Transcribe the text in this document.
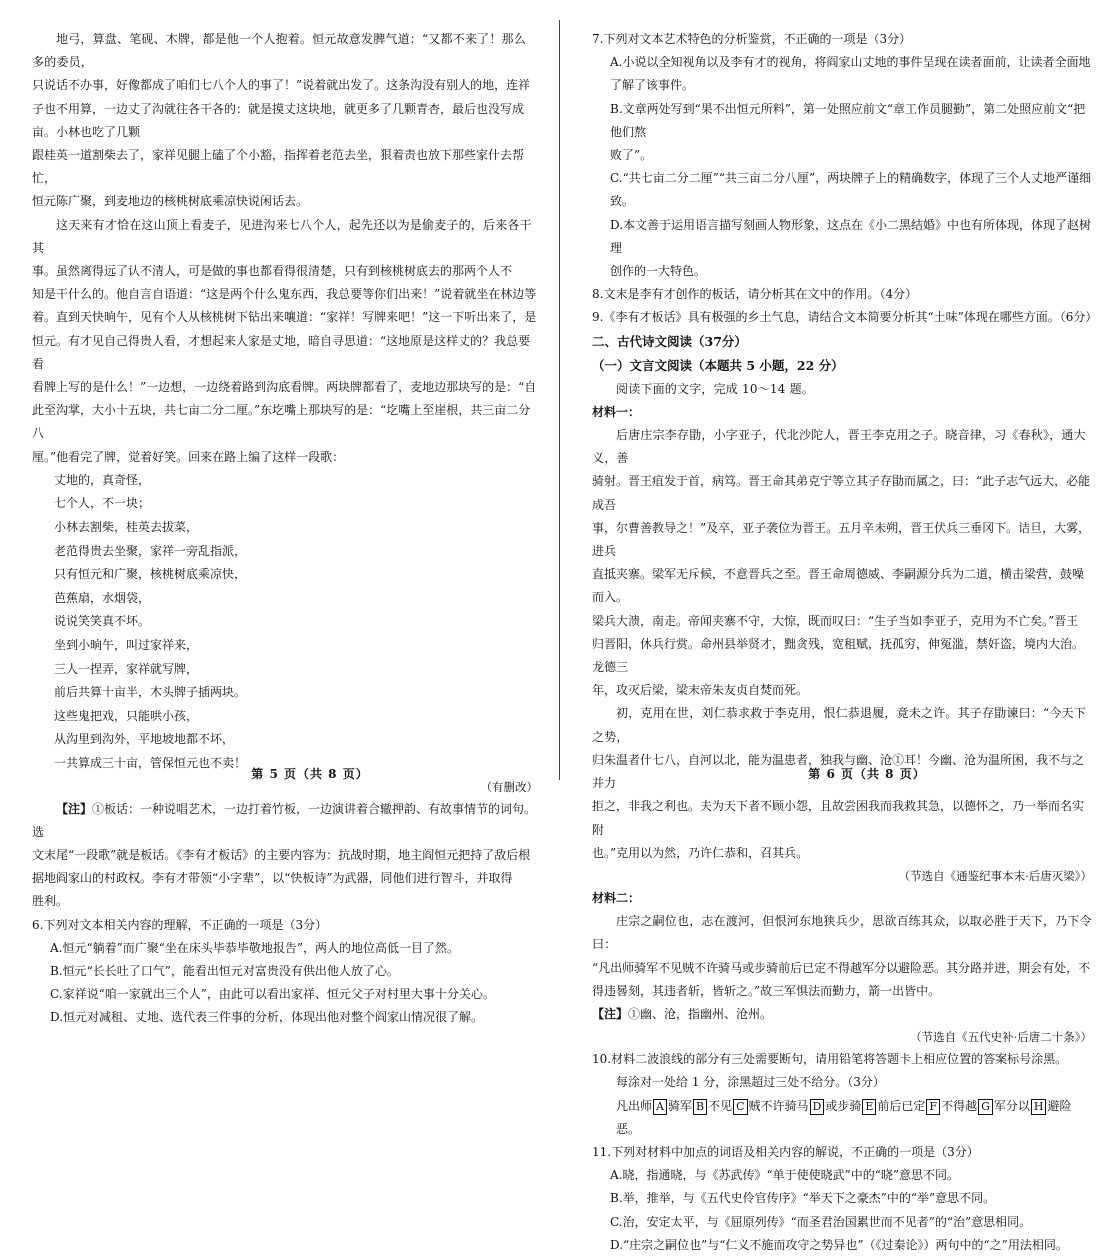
地弓，算盘、笔砚、木牌，都是他一个人抱着。恒元故意发脾气道：“又都不来了！那么多的委员，

只说话不办事，好像都成了咱们七八个人的事了！”说着就出发了。这条沟没有别人的地，连祥

子也不用算，一边丈了沟就往各干各的：就是摸丈这块地，就更多了几颗青杏，最后也没写成亩。小林也吃了几颗

跟桂英一道割柴去了，家祥见腿上磕了个小豁，指挥着老范去坐，狠着责也放下那些家什去帮忙，

恒元陈广聚，到麦地边的核桃树底乘凉快说闲话去。

这天来有才恰在这山顶上看麦子，见进沟来七八个人，起先还以为是偷麦子的，后来各干其

事。虽然离得远了认不清人，可是做的事也都看得很清楚，只有到核桃树底去的那两个人不

知是干什么的。他自言自语道：“这是两个什么鬼东西，我总要等你们出来！”说着就坐在林边等

着。直到天快晌午，见有个人从核桃树下钻出来嚷道：“家祥！写牌来吧！”这一下听出来了，是

恒元。有才见自己得贵人看，才想起来人家是丈地，暗自寻思道：“这地原是这样丈的？我总要看

看牌上写的是什么！”一边想，一边绕着路到沟底看牌。两块牌都看了，麦地边那块写的是：“自

此至沟掌，大小十五块，共七亩二分二厘。”东圪嘴上那块写的是：“圪嘴上至崖根，共三亩二分八

厘。”他看完了牌，觉着好笑。回来在路上编了这样一段歌：

丈地的，真奇怪，

七个人，不一块；

小林去割柴，桂英去拔菜，

老范得贵去坐聚，家祥一旁乱指派，

只有恒元和广聚，核桃树底乘凉快，

芭蕉扇，水烟袋，

说说笑笑真不坏。

坐到小晌午，叫过家祥来，

三人一捏弄，家祥就写牌，

前后共算十亩半，木头牌子插两块。

这些鬼把戏，只能哄小孩，

从沟里到沟外，平地坡地都不坏，

一共算成三十亩，管保恒元也不卖！

（有删改）

【注】①板话：一种说唱艺术，一边打着竹板，一边演讲着合辙押韵、有故事情节的词句。选

文末尾“一段歌”就是板话。《李有才板话》的主要内容为：抗战时期，地主阎恒元把持了敌后根

据地阎家山的村政权。李有才带领“小字辈”，以“快板诗”为武器，同他们进行智斗，并取得

胜利。

6.下列对文本相关内容的理解，不正确的一项是（3分）

A.恒元“躺着”而广聚“坐在床头毕恭毕敬地报告”，两人的地位高低一目了然。

B.恒元“长长吐了口气”，能看出恒元对富贵没有供出他人放了心。

C.家祥说“咱一家就出三个人”，由此可以看出家祥、恒元父子对村里大事十分关心。

D.恒元对减租、丈地、选代表三件事的分析，体现出他对整个阎家山情况很了解。

第 5 页（共 8 页）

7.下列对文本艺术特色的分析鉴赏，不正确的一项是（3分）

A.小说以全知视角以及李有才的视角，将阎家山丈地的事件呈现在读者面前，让读者全面地

了解了该事件。

B.文章两处写到“果不出恒元所料”，第一处照应前文“章工作员腿勤”，第二处照应前文“把他们熬

败了”。

C.“共七亩二分二厘”“共三亩二分八厘”，两块牌子上的精确数字，体现了三个人丈地严谨细致。

D.本文善于运用语言描写刻画人物形象，这点在《小二黑结婚》中也有所体现，体现了赵树理

创作的一大特色。

8.文末是李有才创作的板话，请分析其在文中的作用。（4分）

9.《李有才板话》具有极强的乡土气息，请结合文本简要分析其“土味”体现在哪些方面。（6分）

二、古代诗文阅读（37分）

（一）文言文阅读（本题共 5 小题，22 分）

阅读下面的文字，完成 10～14 题。

材料一：

后唐庄宗李存勖，小字亚子，代北沙陀人，晋王李克用之子。晓音律，习《春秋》，通大义，善

骑射。晋王疽发于首，病笃。晋王命其弟克宁等立其子存勖而属之，曰：“此子志气远大，必能成吾

事，尔曹善教导之！”及卒，亚子袭位为晋王。五月辛未朔，晋王伏兵三垂冈下。诘旦，大雾，进兵

直抵夹寨。梁军无斥候，不意晋兵之至。晋王命周德威、李嗣源分兵为二道，横击梁营，鼓噪而入。

梁兵大溃，南走。帝闻夹寨不守，大惊，既而叹曰：“生子当如李亚子，克用为不亡矣。”晋王

归晋阳，休兵行赏。命州县举贤才，黜贪残，宽租赋，抚孤穷，伸冤滥，禁奸盗，境内大治。龙德三

年，攻灭后梁，梁末帝朱友贞自焚而死。

初，克用在世，刘仁恭求救于李克用，恨仁恭退履，竟未之许。其子存勖谏曰：“今天下之势，

归朱温者什七八，自河以北，能为温患者，独我与幽、沧①耳！今幽、沧为温所困，我不与之并力

拒之，非我之利也。夫为天下者不顾小怨，且故尝困我而我救其急，以德怀之，乃一举而名实附

也。”克用以为然，乃许仁恭和，召其兵。

（节选自《通鉴纪事本末·后唐灭梁》）

材料二：

庄宗之嗣位也，志在渡河，但恨河东地狭兵少，思欲百练其众，以取必胜于天下，乃下令曰：

“凡出师骑军不见贼不许骑马或步骑前后已定不得越军分以避险恶。其分路并进，期会有处，不

得违晷刻，其违者斩，皆斩之。”故三军惧法而勤力，箭一出皆中。

【注】①幽、沧，指幽州、沧州。

（节选自《五代史补·后唐二十条》）

10.材料二波浪线的部分有三处需要断句，请用铅笔将答题卡上相应位置的答案标号涂黑。

每涂对一处给 1 分，涂黑超过三处不给分。（3分）

凡出师 A 骑军 B 不见 C 贼不许骑马 D 或步骑 E 前后已定 F 不得越 G 军分以 H 避险恶。

11.下列对材料中加点的词语及相关内容的解说，不正确的一项是（3分）

A.晓，指通晓，与《苏武传》“单于使使晓武”中的“晓”意思不同。

B.举，推举，与《五代史伶官传序》“举天下之豪杰”中的“举”意思不同。

C.治，安定太平，与《屈原列传》“而圣君治国累世而不见者”的“治”意思相同。

D.“庄宗之嗣位也”与“仁义不施而攻守之势异也”（《过秦论》）两句中的“之”用法相同。

第 6 页（共 8 页）
